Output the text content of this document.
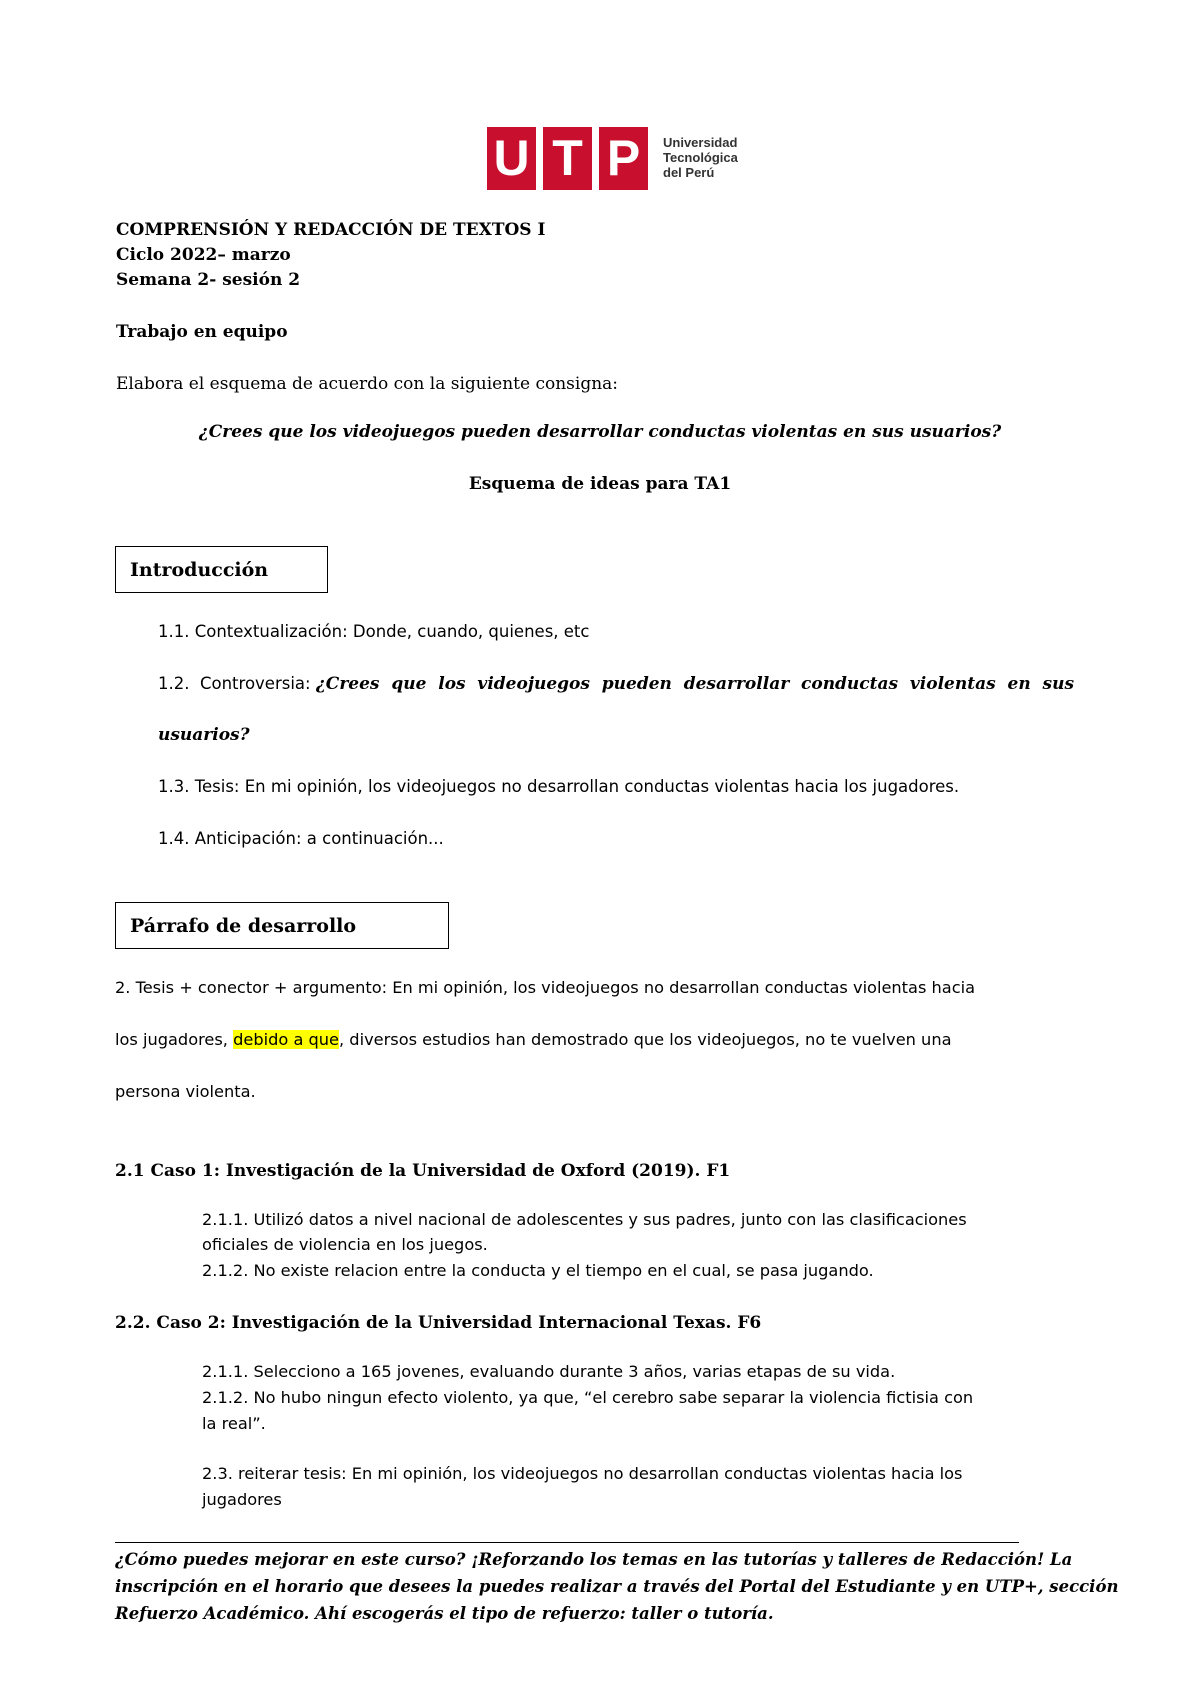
U T P	Universidad
Tecnológica
del Perú
COMPRENSIÓN Y REDACCIÓN DE TEXTOS I
Ciclo 2022– marzo
Semana 2- sesión 2
Trabajo en equipo
Elabora el esquema de acuerdo con la siguiente consigna:
¿Crees que los videojuegos pueden desarrollar conductas violentas en sus usuarios?
Esquema de ideas para TA1
Introducción
1.1. Contextualización: Donde, cuando, quienes, etc
1.2.  Controversia: ¿Crees  que  los  videojuegos  pueden  desarrollar  conductas  violentas  en  sus
usuarios?
1.3. Tesis: En mi opinión, los videojuegos no desarrollan conductas violentas hacia los jugadores.
1.4. Anticipación: a continuación...
Párrafo de desarrollo
2. Tesis + conector + argumento: En mi opinión, los videojuegos no desarrollan conductas violentas hacia
los jugadores, debido a que, diversos estudios han demostrado que los videojuegos, no te vuelven una
persona violenta.
2.1 Caso 1: Investigación de la Universidad de Oxford (2019). F1
2.1.1. Utilizó datos a nivel nacional de adolescentes y sus padres, junto con las clasificaciones
oficiales de violencia en los juegos.
2.1.2. No existe relacion entre la conducta y el tiempo en el cual, se pasa jugando.
2.2. Caso 2: Investigación de la Universidad Internacional Texas. F6
2.1.1. Selecciono a 165 jovenes, evaluando durante 3 años, varias etapas de su vida.
2.1.2. No hubo ningun efecto violento, ya que, “el cerebro sabe separar la violencia fictisia con
la real”.
2.3. reiterar tesis: En mi opinión, los videojuegos no desarrollan conductas violentas hacia los
jugadores
¿Cómo puedes mejorar en este curso? ¡Reforzando los temas en las tutorías y talleres de Redacción! La
inscripción en el horario que desees la puedes realizar a través del Portal del Estudiante y en UTP+, sección
Refuerzo Académico. Ahí escogerás el tipo de refuerzo: taller o tutoría.
